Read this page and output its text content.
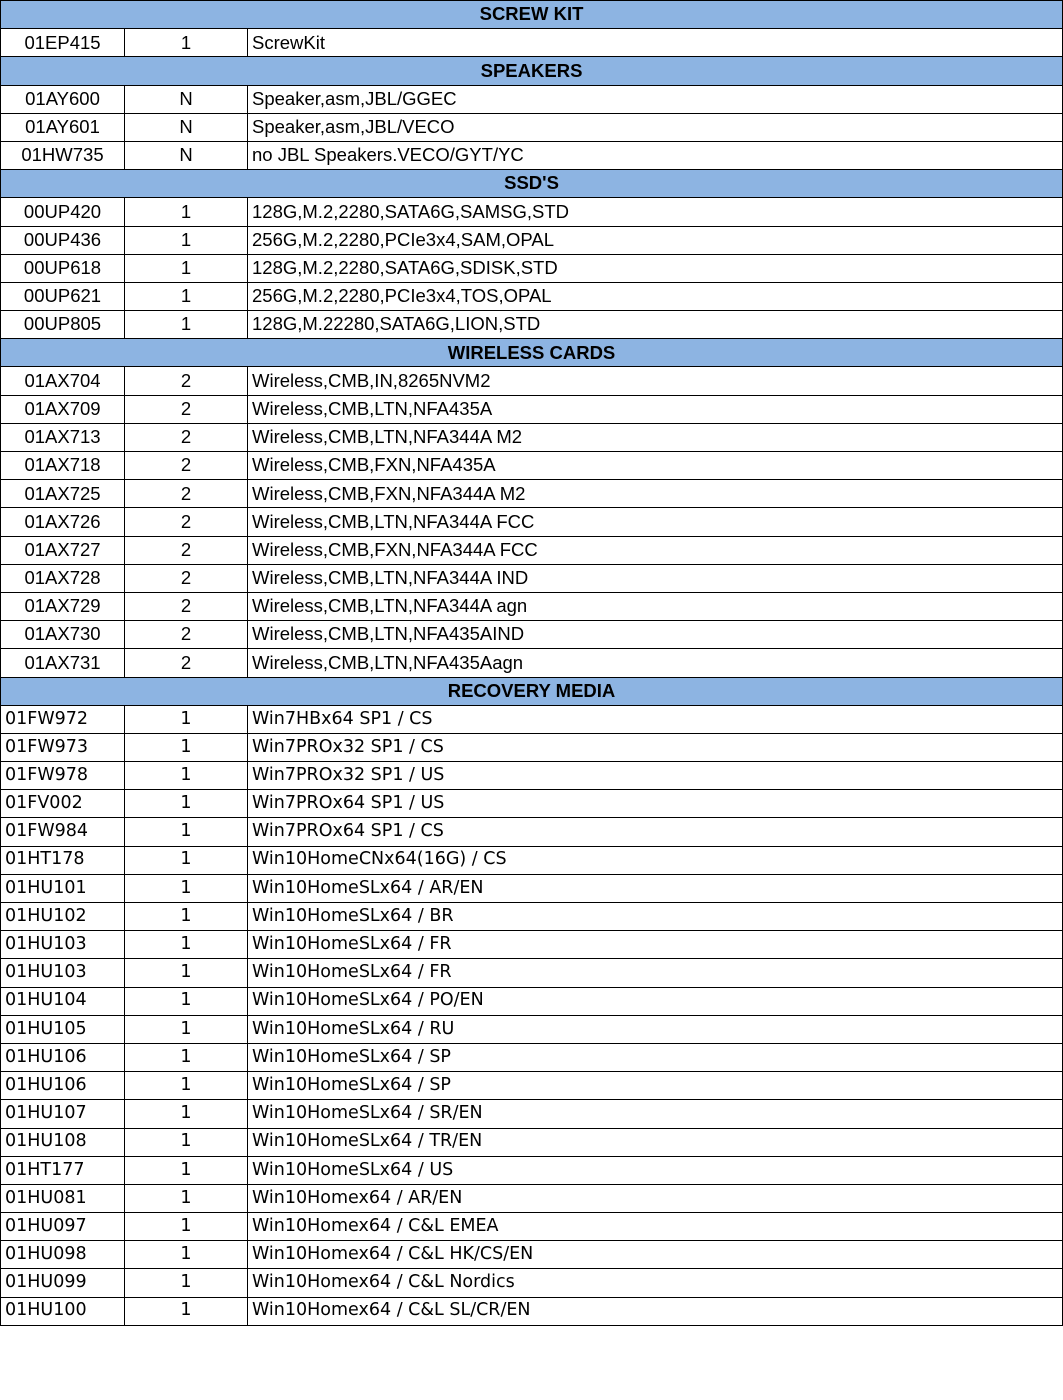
SCREW KIT		
01EP415	1	ScrewKit
SPEAKERS		
01AY600	N	Speaker,asm,JBL/GGEC
01AY601	N	Speaker,asm,JBL/VECO
01HW735	N	no JBL Speakers.VECO/GYT/YC
SSD'S		
00UP420	1	128G,M.2,2280,SATA6G,SAMSG,STD
00UP436	1	256G,M.2,2280,PCIe3x4,SAM,OPAL
00UP618	1	128G,M.2,2280,SATA6G,SDISK,STD
00UP621	1	256G,M.2,2280,PCIe3x4,TOS,OPAL
00UP805	1	128G,M.22280,SATA6G,LION,STD
WIRELESS CARDS		
01AX704	2	Wireless,CMB,IN,8265NVM2
01AX709	2	Wireless,CMB,LTN,NFA435A
01AX713	2	Wireless,CMB,LTN,NFA344A M2
01AX718	2	Wireless,CMB,FXN,NFA435A
01AX725	2	Wireless,CMB,FXN,NFA344A M2
01AX726	2	Wireless,CMB,LTN,NFA344A FCC
01AX727	2	Wireless,CMB,FXN,NFA344A FCC
01AX728	2	Wireless,CMB,LTN,NFA344A IND
01AX729	2	Wireless,CMB,LTN,NFA344A agn
01AX730	2	Wireless,CMB,LTN,NFA435AIND
01AX731	2	Wireless,CMB,LTN,NFA435Aagn
RECOVERY MEDIA		
01FW972	1	Win7HBx64 SP1 / CS
01FW973	1	Win7PROx32 SP1 / CS
01FW978	1	Win7PROx32 SP1 / US
01FV002	1	Win7PROx64 SP1 / US
01FW984	1	Win7PROx64 SP1 / CS
01HT178	1	Win10HomeCNx64(16G) / CS
01HU101	1	Win10HomeSLx64 / AR/EN
01HU102	1	Win10HomeSLx64 / BR
01HU103	1	Win10HomeSLx64 / FR
01HU103	1	Win10HomeSLx64 / FR
01HU104	1	Win10HomeSLx64 / PO/EN
01HU105	1	Win10HomeSLx64 / RU
01HU106	1	Win10HomeSLx64 / SP
01HU106	1	Win10HomeSLx64 / SP
01HU107	1	Win10HomeSLx64 / SR/EN
01HU108	1	Win10HomeSLx64 / TR/EN
01HT177	1	Win10HomeSLx64 / US
01HU081	1	Win10Homex64 / AR/EN
01HU097	1	Win10Homex64 / C&L EMEA
01HU098	1	Win10Homex64 / C&L HK/CS/EN
01HU099	1	Win10Homex64 / C&L Nordics
01HU100	1	Win10Homex64 / C&L SL/CR/EN
